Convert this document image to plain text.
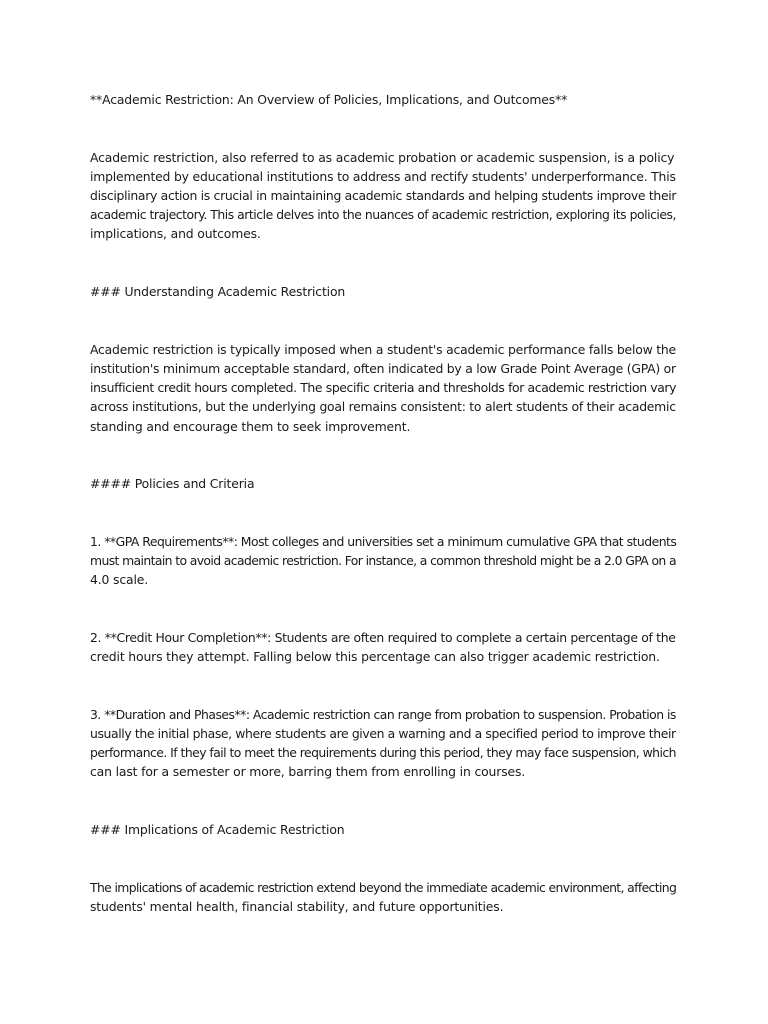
**Academic Restriction: An Overview of Policies, Implications, and Outcomes**

Academic restriction, also referred to as academic probation or academic suspension, is a policy
implemented by educational institutions to address and rectify students' underperformance. This
disciplinary action is crucial in maintaining academic standards and helping students improve their
academic trajectory. This article delves into the nuances of academic restriction, exploring its policies,
implications, and outcomes.

### Understanding Academic Restriction

Academic restriction is typically imposed when a student's academic performance falls below the
institution's minimum acceptable standard, often indicated by a low Grade Point Average (GPA) or
insufficient credit hours completed. The specific criteria and thresholds for academic restriction vary
across institutions, but the underlying goal remains consistent: to alert students of their academic
standing and encourage them to seek improvement.

#### Policies and Criteria

1. **GPA Requirements**: Most colleges and universities set a minimum cumulative GPA that students
must maintain to avoid academic restriction. For instance, a common threshold might be a 2.0 GPA on a
4.0 scale.

2. **Credit Hour Completion**: Students are often required to complete a certain percentage of the
credit hours they attempt. Falling below this percentage can also trigger academic restriction.

3. **Duration and Phases**: Academic restriction can range from probation to suspension. Probation is
usually the initial phase, where students are given a warning and a specified period to improve their
performance. If they fail to meet the requirements during this period, they may face suspension, which
can last for a semester or more, barring them from enrolling in courses.

### Implications of Academic Restriction

The implications of academic restriction extend beyond the immediate academic environment, affecting
students' mental health, financial stability, and future opportunities.
